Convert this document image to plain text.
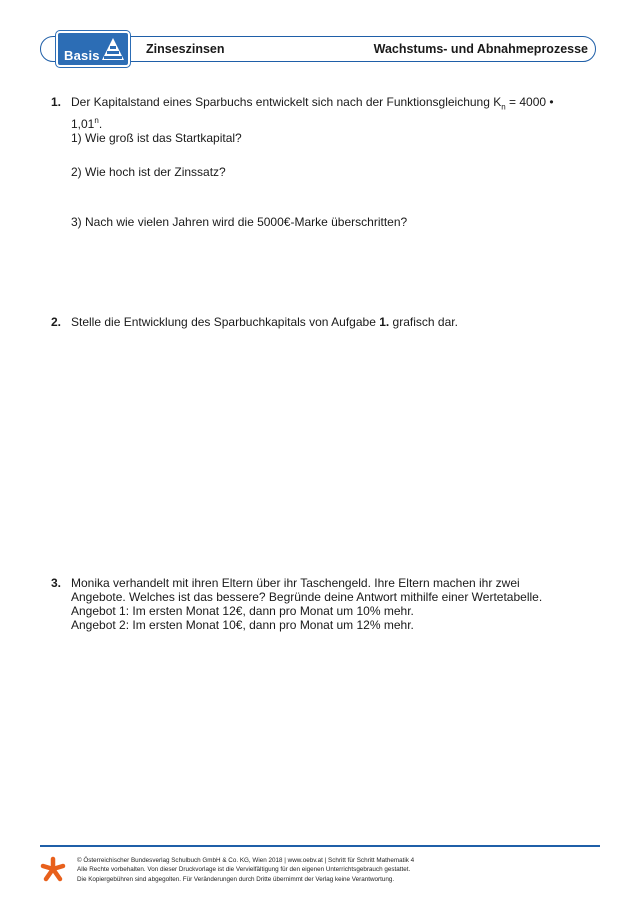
Basis	Zinseszinsen	Wachstums- und Abnahmeprozesse
1. Der Kapitalstand eines Sparbuchs entwickelt sich nach der Funktionsgleichung $K_n = 4000$ •
1,01$^n$.
1) Wie groß ist das Startkapital?
2) Wie hoch ist der Zinssatz?
3) Nach wie vielen Jahren wird die 5000€-Marke überschritten?
2. Stelle die Entwicklung des Sparbuchkapitals von Aufgabe 1. grafisch dar.
3. Monika verhandelt mit ihren Eltern über ihr Taschengeld. Ihre Eltern machen ihr zwei
Angebote. Welches ist das bessere? Begründe deine Antwort mithilfe einer Wertetabelle.
Angebot 1: Im ersten Monat 12€, dann pro Monat um 10% mehr.
Angebot 2: Im ersten Monat 10€, dann pro Monat um 12% mehr.
© Österreichischer Bundesverlag Schulbuch GmbH & Co. KG, Wien 2018 | www.oebv.at | Schritt für Schritt Mathematik 4
Alle Rechte vorbehalten. Von dieser Druckvorlage ist die Vervielfältigung für den eigenen Unterrichtsgebrauch gestattet.
Die Kopiergebühren sind abgegolten. Für Veränderungen durch Dritte übernimmt der Verlag keine Verantwortung.
